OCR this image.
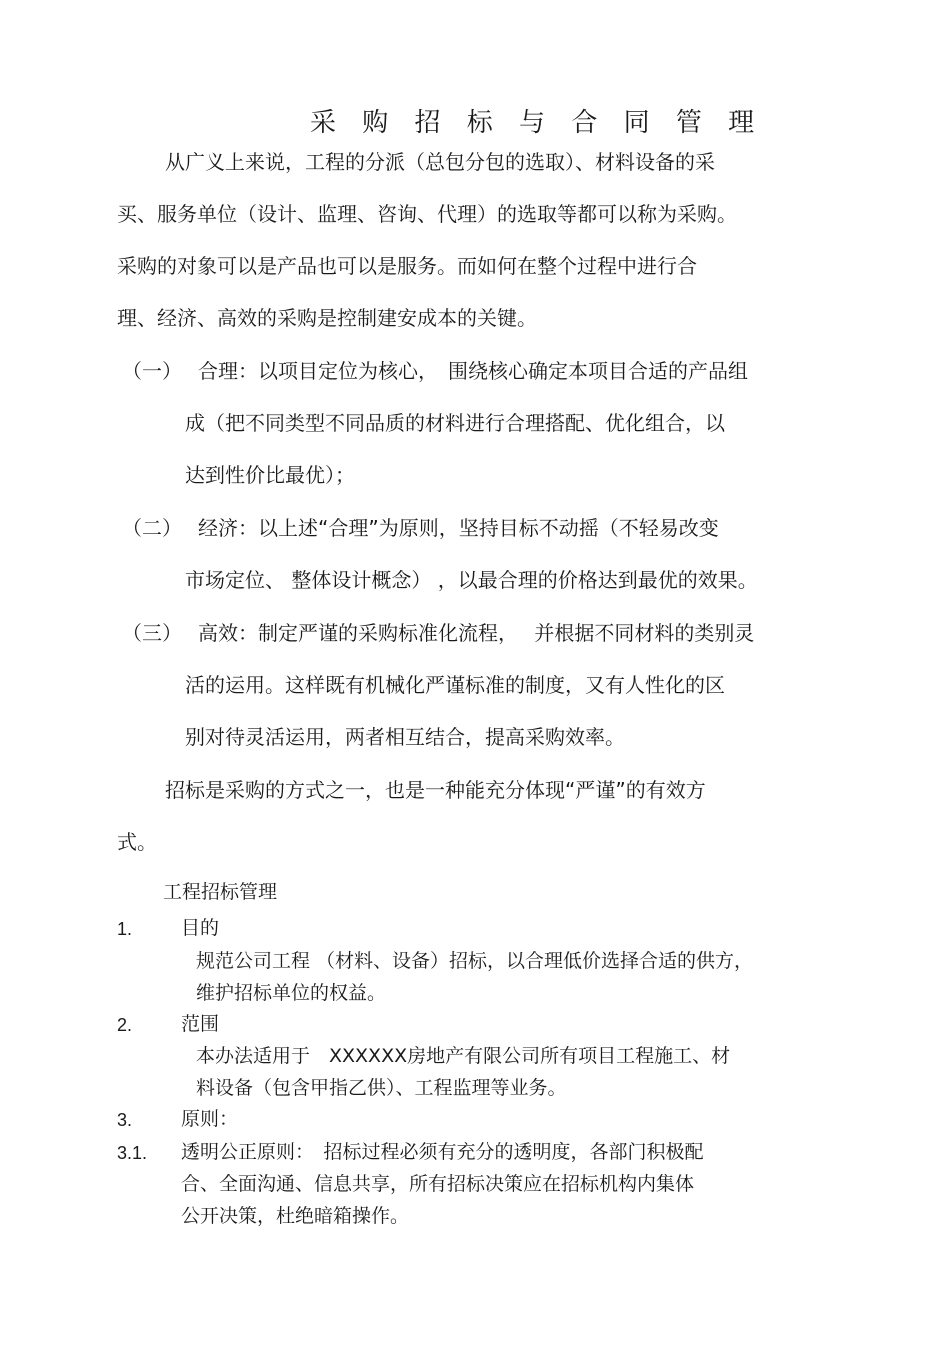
采 购 招 标 与 合 同 管 理
从广义上来说，工程的分派（总包分包的选取）、材料设备的采
买、服务单位（设计、监理、咨询、代理）的选取等都可以称为采购。
采购的对象可以是产品也可以是服务。而如何在整个过程中进行合
理、经济、高效的采购是控制建安成本的关键。
（一） 合理：以项目定位为核心，　围绕核心确定本项目合适的产品组
成（把不同类型不同品质的材料进行合理搭配、优化组合，以
达到性价比最优）；
（二） 经济：以上述“合理”为原则，坚持目标不动摇（不轻易改变
市场定位、 整体设计概念） ，以最合理的价格达到最优的效果。
（三） 高效：制定严谨的采购标准化流程，　 并根据不同材料的类别灵
活的运用。这样既有机械化严谨标准的制度，又有人性化的区
别对待灵活运用，两者相互结合，提高采购效率。
招标是采购的方式之一，也是一种能充分体现“严谨”的有效方
式。
工程招标管理
1.	目的
规范公司工程 （材料、设备）招标，以合理低价选择合适的供方，
维护招标单位的权益。
2.	范围
本办法适用于　XXXXXX房地产有限公司所有项目工程施工、材
料设备（包含甲指乙供）、工程监理等业务。
3.	原则：
3.1. 透明公正原则：　招标过程必须有充分的透明度，各部门积极配
合、全面沟通、信息共享，所有招标决策应在招标机构内集体
公开决策，杜绝暗箱操作。
